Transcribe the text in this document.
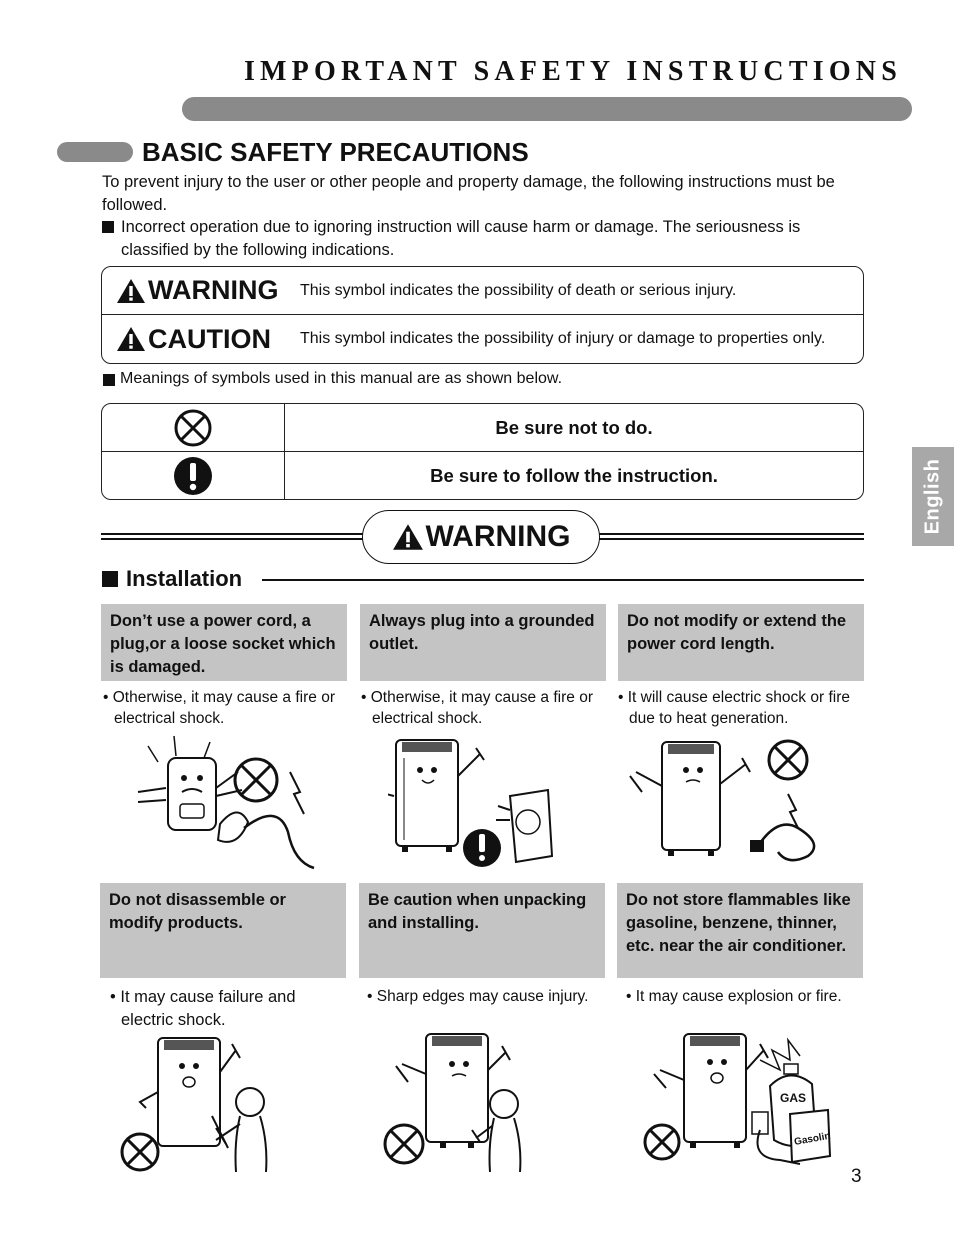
IMPORTANT SAFETY INSTRUCTIONS
BASIC SAFETY PRECAUTIONS
To prevent injury to the user or other people and property damage, the following instructions must be followed.
Incorrect operation due to ignoring instruction will cause harm or damage. The seriousness is classified by the following indications.
WARNING This symbol indicates the possibility of death or serious injury.
CAUTION This symbol indicates the possibility of injury or damage to properties only.
Meanings of symbols used in this manual are as shown below.
Be sure not to do.
Be sure to follow the instruction.
WARNING
Installation
Don’t use a power cord, a plug,or a loose socket which is damaged.
Always plug into a grounded outlet.
Do not modify or extend the power cord length.
• Otherwise, it may cause a fire or electrical shock.
• Otherwise, it may cause a fire or electrical shock.
• It will cause electric shock or fire due to heat generation.
Do not disassemble or modify products.
Be caution when unpacking and installing.
Do not store flammables like gasoline, benzene, thinner, etc. near the air conditioner.
• It may cause failure and electric shock.
• Sharp edges may cause injury. • It may cause explosion or fire.
GAS
Gasolin
English
3
